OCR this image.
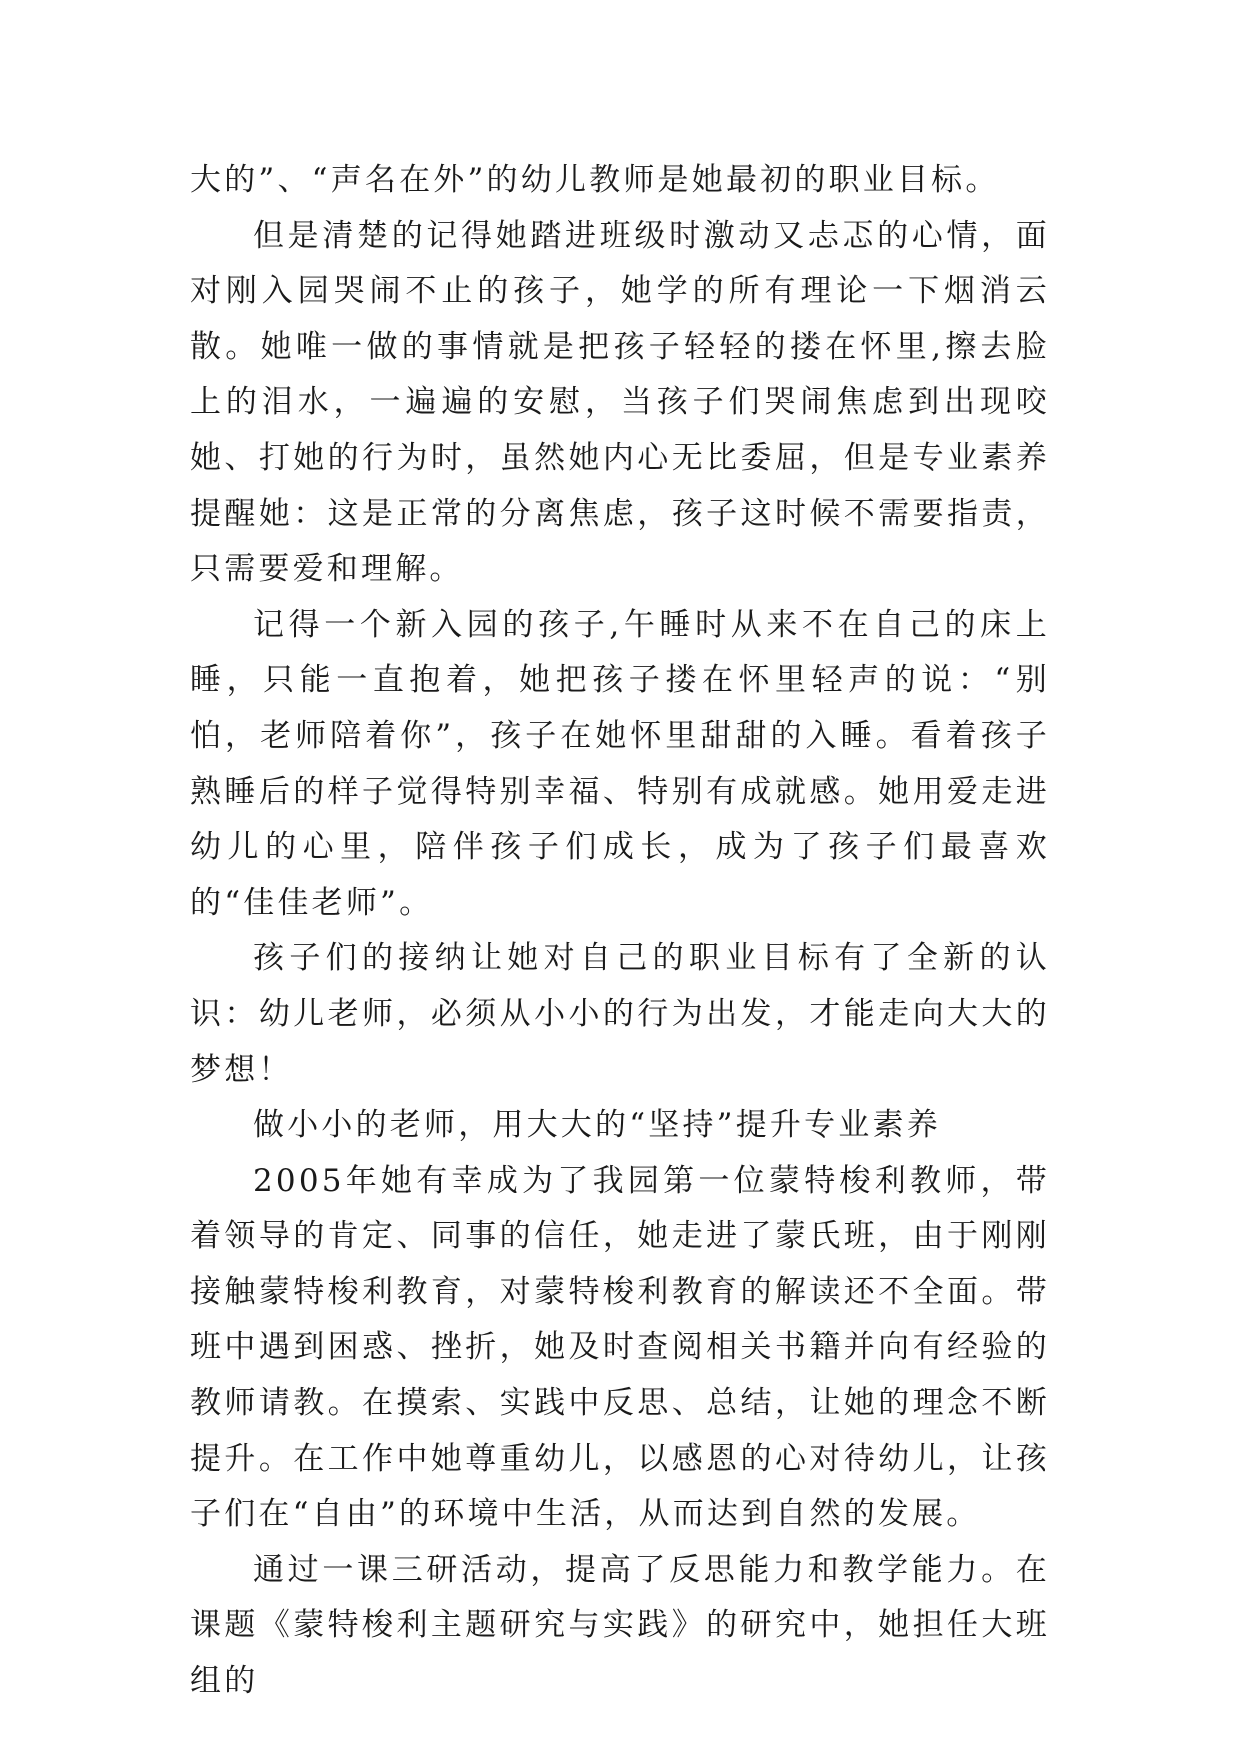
大的”、“声名在外”的幼儿教师是她最初的职业目标。

但是清楚的记得她踏进班级时激动又忐忑的心情，面对刚入园哭闹不止的孩子，她学的所有理论一下烟消云散。她唯一做的事情就是把孩子轻轻的搂在怀里,擦去脸上的泪水，一遍遍的安慰，当孩子们哭闹焦虑到出现咬她、打她的行为时，虽然她内心无比委屈，但是专业素养提醒她：这是正常的分离焦虑，孩子这时候不需要指责，只需要爱和理解。

记得一个新入园的孩子,午睡时从来不在自己的床上睡，只能一直抱着，她把孩子搂在怀里轻声的说：“别怕，老师陪着你”，孩子在她怀里甜甜的入睡。看着孩子熟睡后的样子觉得特别幸福、特别有成就感。她用爱走进幼儿的心里，陪伴孩子们成长，成为了孩子们最喜欢的“佳佳老师”。

孩子们的接纳让她对自己的职业目标有了全新的认识：幼儿老师，必须从小小的行为出发，才能走向大大的梦想！

做小小的老师，用大大的“坚持”提升专业素养

2005年她有幸成为了我园第一位蒙特梭利教师，带着领导的肯定、同事的信任，她走进了蒙氏班，由于刚刚接触蒙特梭利教育，对蒙特梭利教育的解读还不全面。带班中遇到困惑、挫折，她及时查阅相关书籍并向有经验的教师请教。在摸索、实践中反思、总结，让她的理念不断提升。在工作中她尊重幼儿，以感恩的心对待幼儿，让孩子们在“自由”的环境中生活，从而达到自然的发展。

通过一课三研活动，提高了反思能力和教学能力。在课题《蒙特梭利主题研究与实践》的研究中，她担任大班组的
